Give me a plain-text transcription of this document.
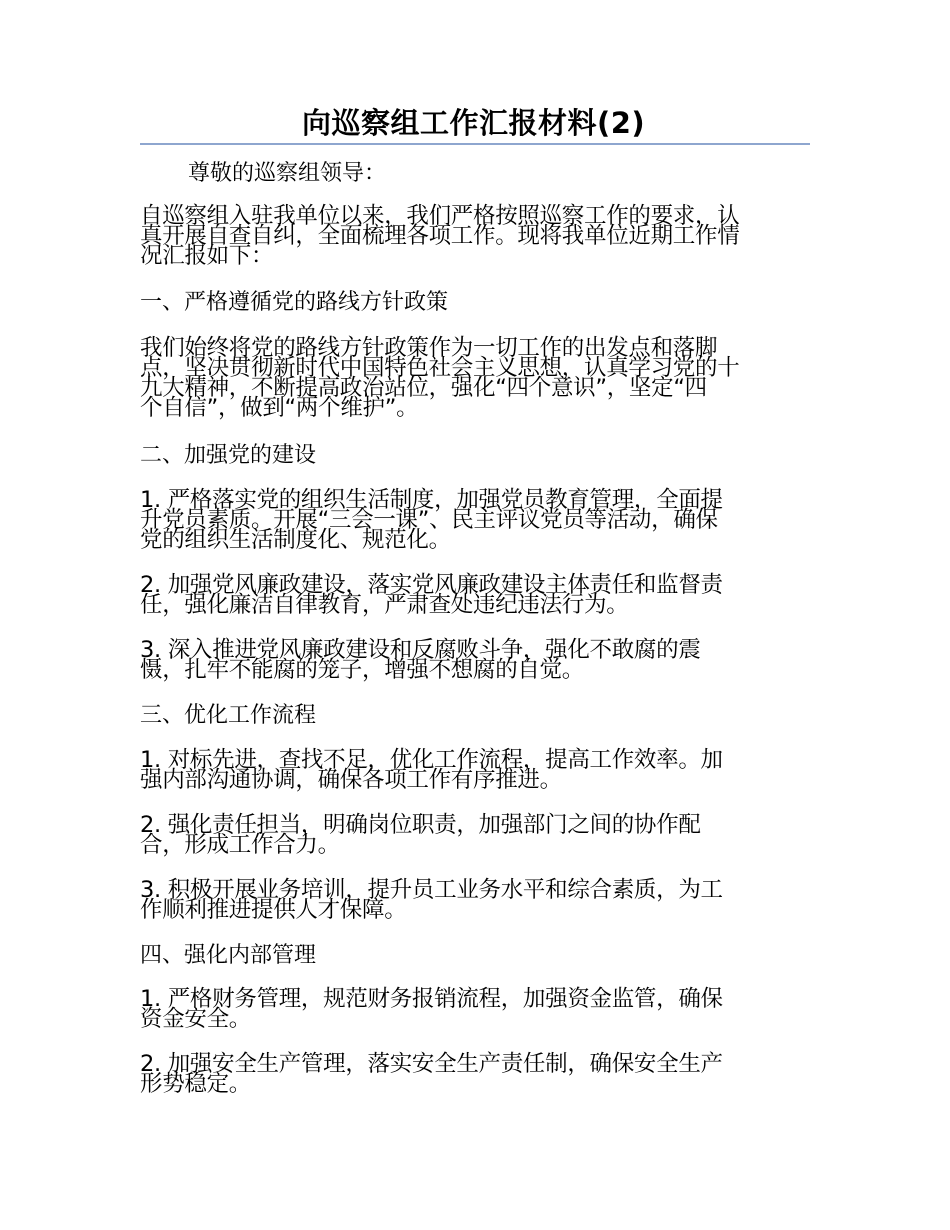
向巡察组工作汇报材料(2)
尊敬的巡察组领导：
自巡察组入驻我单位以来，我们严格按照巡察工作的要求，认
真开展自查自纠，全面梳理各项工作。现将我单位近期工作情
况汇报如下：
一、严格遵循党的路线方针政策
我们始终将党的路线方针政策作为一切工作的出发点和落脚
点，坚决贯彻新时代中国特色社会主义思想，认真学习党的十
九大精神，不断提高政治站位，强化“四个意识”，坚定“四
个自信”，做到“两个维护”。
二、加强党的建设
1. 严格落实党的组织生活制度，加强党员教育管理，全面提
升党员素质。开展“三会一课”、民主评议党员等活动，确保
党的组织生活制度化、规范化。
2. 加强党风廉政建设，落实党风廉政建设主体责任和监督责
任，强化廉洁自律教育，严肃查处违纪违法行为。
3. 深入推进党风廉政建设和反腐败斗争，强化不敢腐的震
慑，扎牢不能腐的笼子，增强不想腐的自觉。
三、优化工作流程
1. 对标先进，查找不足，优化工作流程，提高工作效率。加
强内部沟通协调，确保各项工作有序推进。
2. 强化责任担当，明确岗位职责，加强部门之间的协作配
合，形成工作合力。
3. 积极开展业务培训，提升员工业务水平和综合素质，为工
作顺利推进提供人才保障。
四、强化内部管理
1. 严格财务管理，规范财务报销流程，加强资金监管，确保
资金安全。
2. 加强安全生产管理，落实安全生产责任制，确保安全生产
形势稳定。
